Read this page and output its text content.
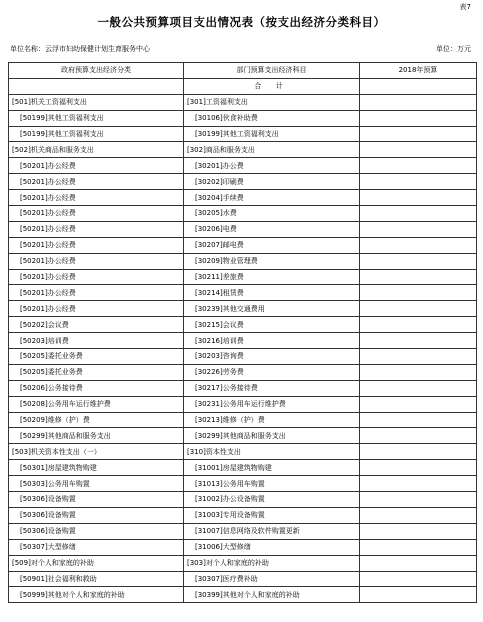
表7
一般公共预算项目支出情况表（按支出经济分类科目）
单位名称：云浮市妇幼保健计划生育服务中心	单位：万元
政府预算支出经济分类	部门预算支出经济科目	2018年预算
	合 计	
[501]机关工资福利支出	[301]工资福利支出	
[50199]其他工资福利支出	[30106]伙食补助费	
[50199]其他工资福利支出	[30199]其他工资福利支出	
[502]机关商品和服务支出	[302]商品和服务支出	
[50201]办公经费	[30201]办公费	
[50201]办公经费	[30202]印刷费	
[50201]办公经费	[30204]手续费	
[50201]办公经费	[30205]水费	
[50201]办公经费	[30206]电费	
[50201]办公经费	[30207]邮电费	
[50201]办公经费	[30209]物业管理费	
[50201]办公经费	[30211]差旅费	
[50201]办公经费	[30214]租赁费	
[50201]办公经费	[30239]其他交通费用	
[50202]会议费	[30215]会议费	
[50203]培训费	[30216]培训费	
[50205]委托业务费	[30203]咨询费	
[50205]委托业务费	[30226]劳务费	
[50206]公务接待费	[30217]公务接待费	
[50208]公务用车运行维护费	[30231]公务用车运行维护费	
[50209]维修（护）费	[30213]维修（护）费	
[50299]其他商品和服务支出	[30299]其他商品和服务支出	
[503]机关资本性支出（一）	[310]资本性支出	
[50301]房屋建筑物购建	[31001]房屋建筑物购建	
[50303]公务用车购置	[31013]公务用车购置	
[50306]设备购置	[31002]办公设备购置	
[50306]设备购置	[31003]专用设备购置	
[50306]设备购置	[31007]信息网络及软件购置更新	
[50307]大型修缮	[31006]大型修缮	
[509]对个人和家庭的补助	[303]对个人和家庭的补助	
[50901]社会福利和救助	[30307]医疗费补助	
[50999]其他对个人和家庭的补助	[30399]其他对个人和家庭的补助	
